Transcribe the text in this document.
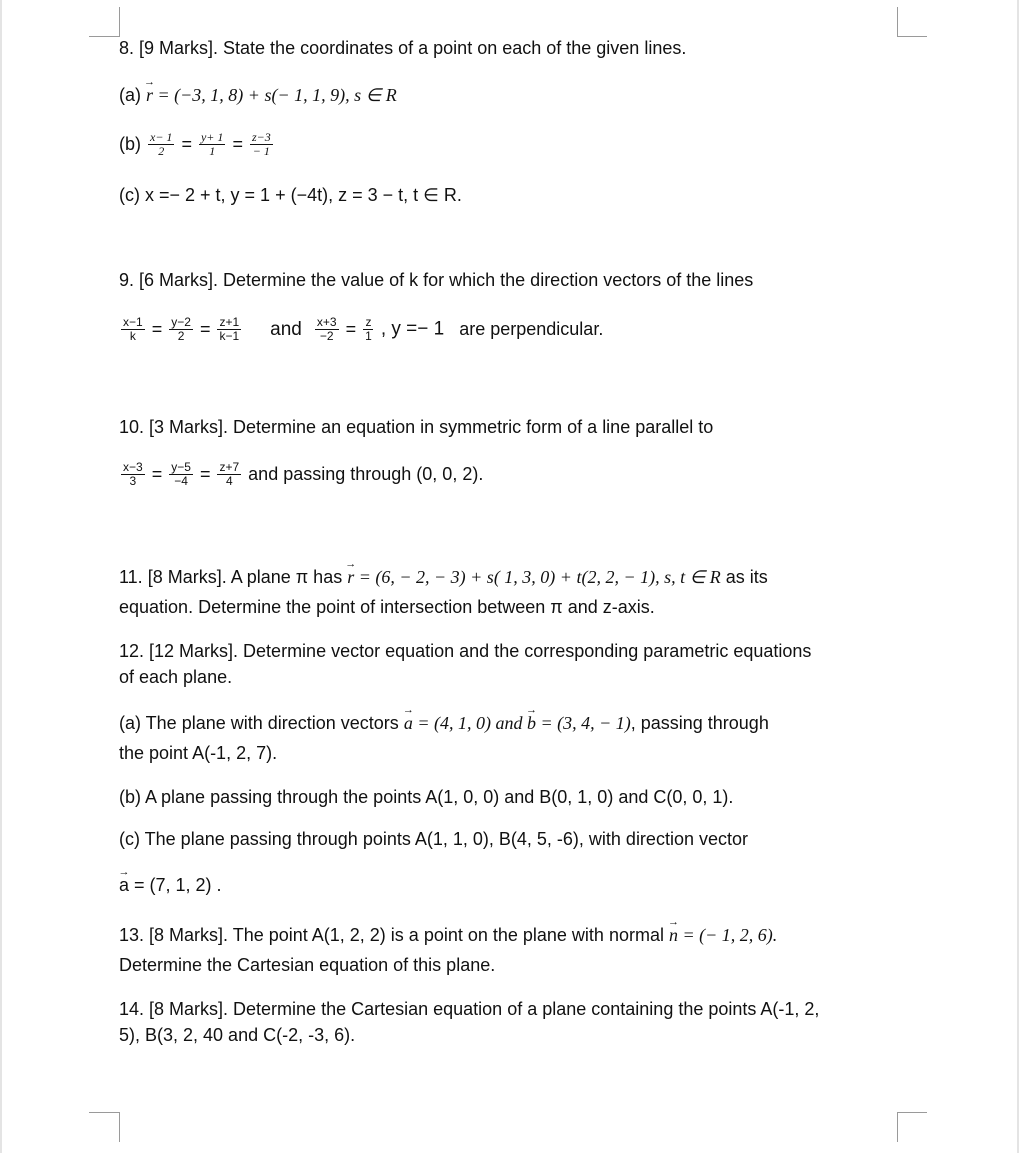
8. [9 Marks]. State the coordinates of a point on each of the given lines.
(a) → r = (−3, 1, 8) + s(− 1, 1, 9), s ∈ R
$(b) \frac{x- 1}{2} = \frac{y+ 1}{1} = \frac{z-3}{- 1}$
(c) x =− 2 + t, y = 1 + (−4t), z = 3 − t, t ∈ R.
9. [6 Marks]. Determine the value of k for which the direction vectors of the lines
$\frac{x-1}{k} = \frac{y-2}{2} = \frac{z+1}{k-1}$ and $\frac{x+3}{-2} = \frac{z}{1}$ , y =− 1 are perpendicular.
10. [3 Marks]. Determine an equation in symmetric form of a line parallel to
$\frac{x-3}{3} = \frac{y-5}{-4} = \frac{z+7}{4}$ and passing through (0, 0, 2).
11. [8 Marks]. A plane π has → r = (6, − 2, − 3) + s( 1, 3, 0) + t(2, 2, − 1), s, t ∈ R as its
equation. Determine the point of intersection between π and z-axis.
12. [12 Marks]. Determine vector equation and the corresponding parametric equations
of each plane.
(a) The plane with direction vectors → a = (4, 1, 0) and → b = (3, 4, − 1), passing through
the point A(-1, 2, 7).
(b) A plane passing through the points A(1, 0, 0) and B(0, 1, 0) and C(0, 0, 1).
(c) The plane passing through points A(1, 1, 0), B(4, 5, -6), with direction vector
→ a = (7, 1, 2) .
13. [8 Marks]. The point A(1, 2, 2) is a point on the plane with normal → n = (− 1, 2, 6).
Determine the Cartesian equation of this plane.
14. [8 Marks]. Determine the Cartesian equation of a plane containing the points A(-1, 2,
5), B(3, 2, 40 and C(-2, -3, 6).
